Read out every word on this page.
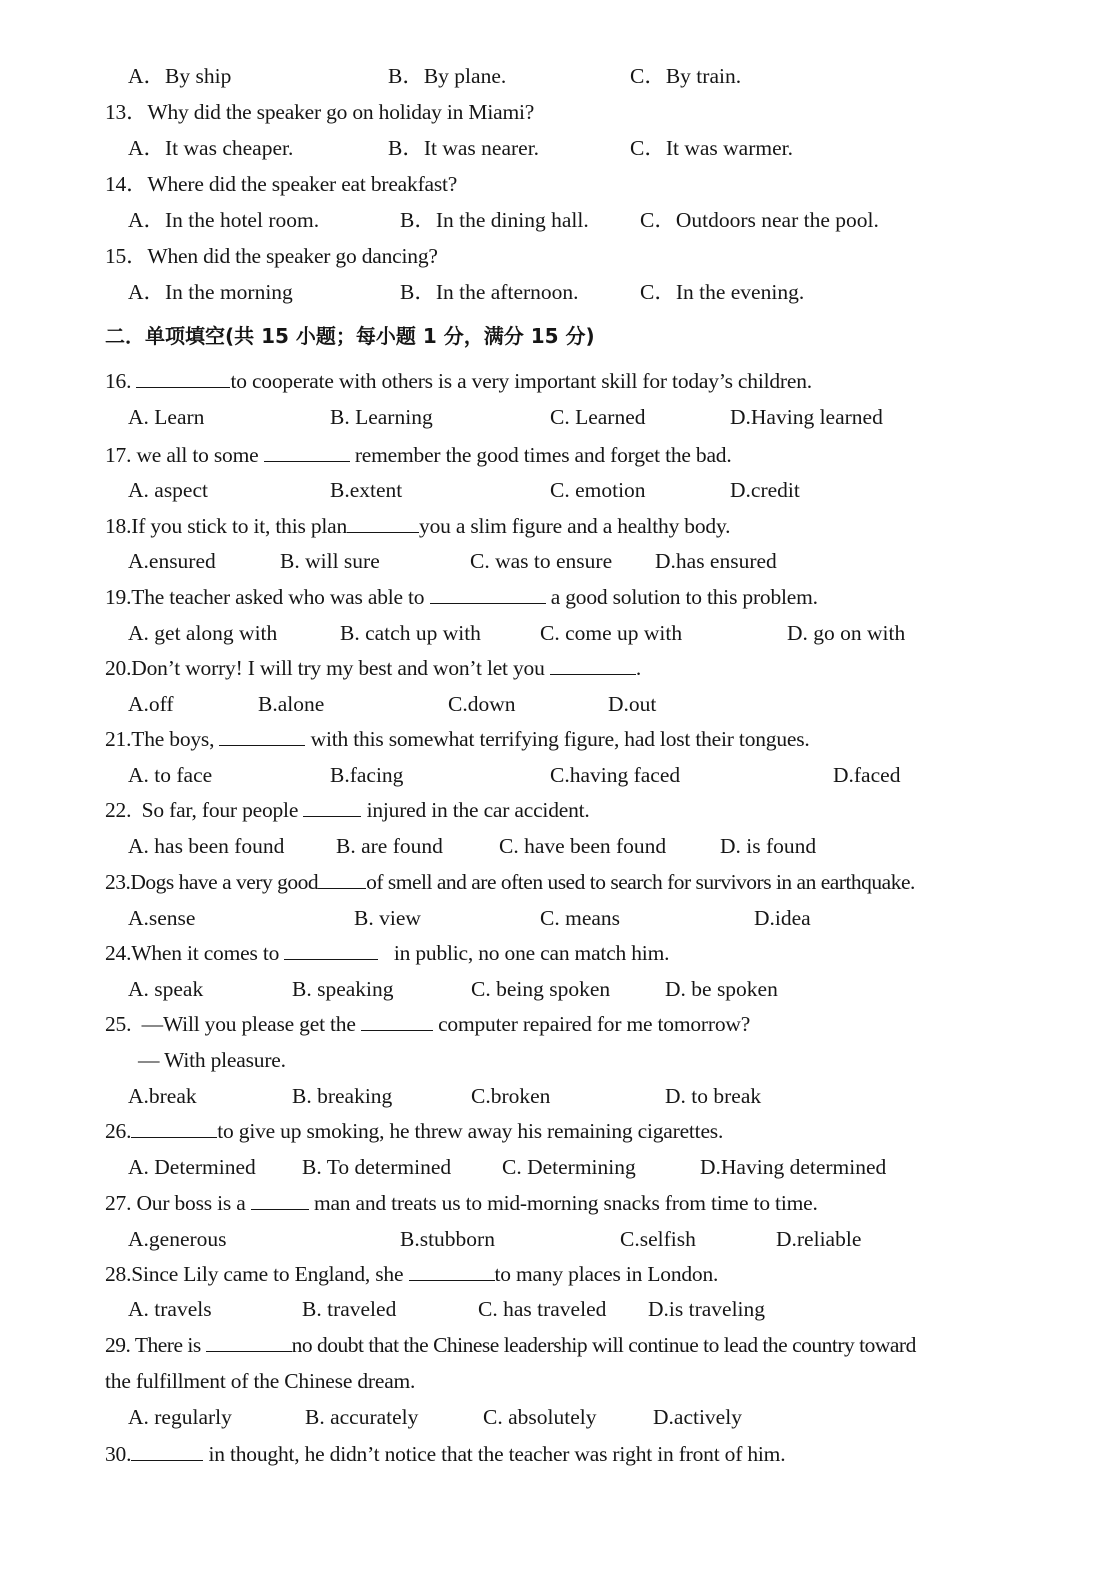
A．By ship	B．By plane.	C．By train.
13．Why did the speaker go on holiday in Miami?
A．It was cheaper.	B．It was nearer.	C．It was warmer.
14．Where did the speaker eat breakfast?
A．In the hotel room.	B．In the dining hall. C．Outdoors near the pool.
15．When did the speaker go dancing?
A．In the morning	B．In the afternoon.	C．In the evening.
二．单项填空(共 15 小题；每小题 1 分，满分 15 分)
16.	to cooperate with others is a very important skill for today’s children.
A. Learn	B. Learning	C. Learned	D.Having learned
17. we all to some	remember the good times and forget the bad.
A. aspect	B.extent	C. emotion	D.credit
18.If you stick to it, this plan	you a slim figure and a healthy body.
A.ensured	B. will sure	C. was to ensure D.has ensured
19.The teacher asked who was able to	a good solution to this problem.
A. get along with	B. catch up with	C. come up with	D. go on with
20.Don’t worry! I will try my best and won’t let you	.
A.off	B.alone	C.down	D.out
21.The boys,	with this somewhat terrifying figure, had lost their tongues.
A. to face	B.facing	C.having faced	D.faced
22. So far, four people	injured in the car accident.
A. has been found B. are found	C. have been found	D. is found
23.Dogs have a very good of smell and are often used to search for survivors in an earthquake.
A.sense	B. view	C. means	D.idea
24.When it comes to	in public, no one can match him.
A. speak	B. speaking	C. being spoken	D. be spoken
25. —Will you please get the	computer repaired for me tomorrow?
— With pleasure.
A.break	B. breaking	C.broken	D. to break
26.	to give up smoking, he threw away his remaining cigarettes.
A. Determined B. To determined C. Determining	D.Having determined
27. Our boss is a	man and treats us to mid-morning snacks from time to time.
A.generous	B.stubborn	C.selfish	D.reliable
28.Since Lily came to England, she	to many places in London.
A. travels	B. traveled	C. has traveled D.is traveling
29. There is	no doubt that the Chinese leadership will continue to lead the country toward
the fulfillment of the Chinese dream.
A. regularly	B. accurately	C. absolutely	D.actively
30.	in thought, he didn’t notice that the teacher was right in front of him.
